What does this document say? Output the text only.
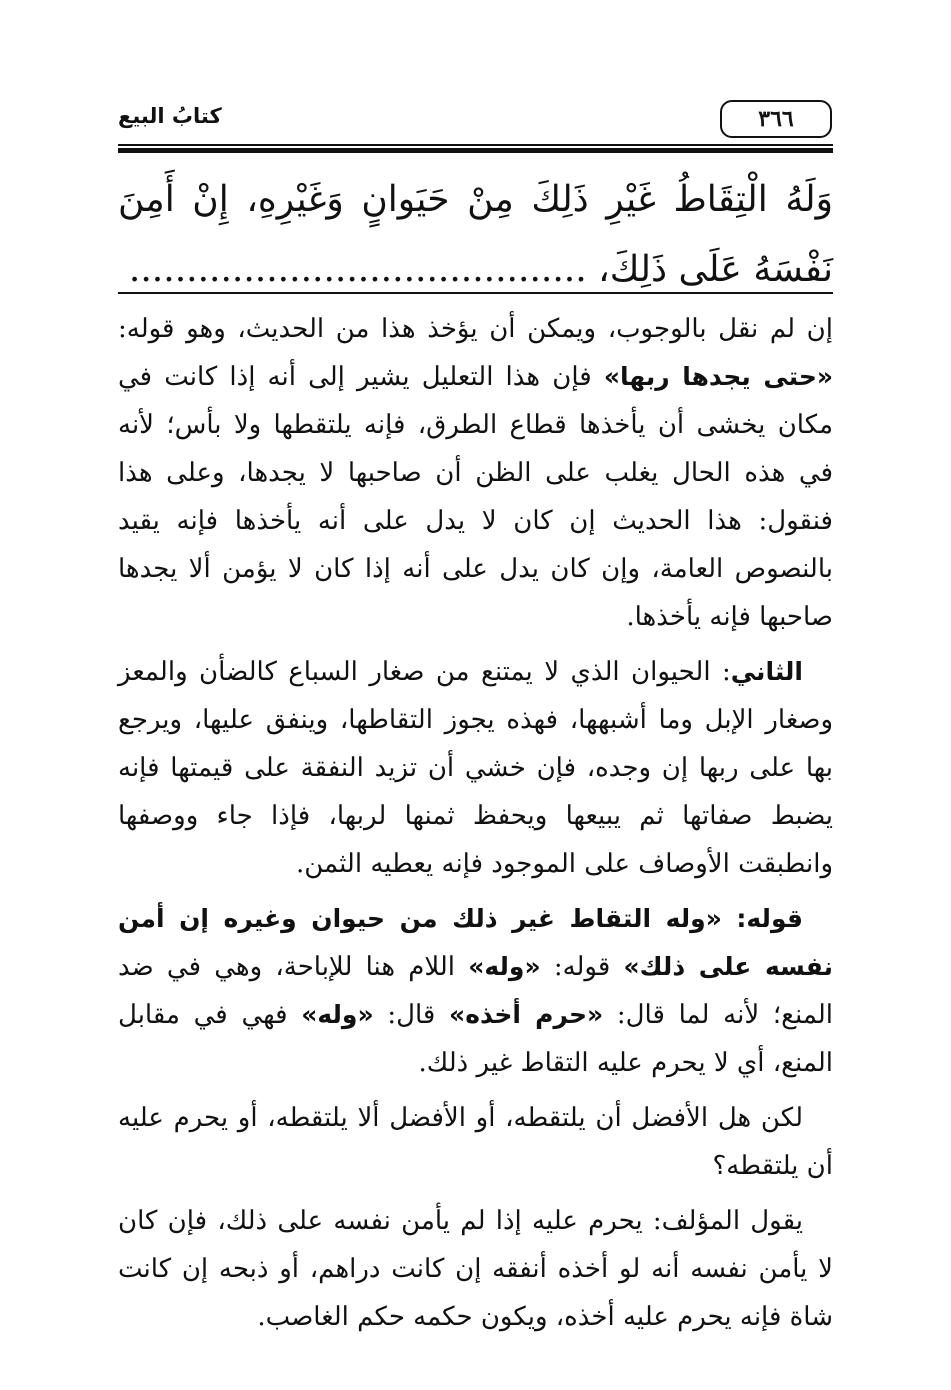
كتابُ البيع	٣٦٦
وَلَهُ الْتِقَاطُ غَيْرِ ذَلِكَ مِنْ حَيَوانٍ وَغَيْرِهِ، إِنْ أَمِنَ نَفْسَهُ عَلَى ذَلِكَ، ........................................

إن لم نقل بالوجوب، ويمكن أن يؤخذ هذا من الحديث، وهو قوله: «حتى يجدها ربها» فإن هذا التعليل يشير إلى أنه إذا كانت في مكان يخشى أن يأخذها قطاع الطرق، فإنه يلتقطها ولا بأس؛ لأنه في هذه الحال يغلب على الظن أن صاحبها لا يجدها، وعلى هذا فنقول: هذا الحديث إن كان لا يدل على أنه يأخذها فإنه يقيد بالنصوص العامة، وإن كان يدل على أنه إذا كان لا يؤمن ألا يجدها صاحبها فإنه يأخذها.

الثاني: الحيوان الذي لا يمتنع من صغار السباع كالضأن والمعز وصغار الإبل وما أشبهها، فهذه يجوز التقاطها، وينفق عليها، ويرجع بها على ربها إن وجده، فإن خشي أن تزيد النفقة على قيمتها فإنه يضبط صفاتها ثم يبيعها ويحفظ ثمنها لربها، فإذا جاء ووصفها وانطبقت الأوصاف على الموجود فإنه يعطيه الثمن.

قوله: «وله التقاط غير ذلك من حيوان وغيره إن أمن نفسه على ذلك» قوله: «وله» اللام هنا للإباحة، وهي في ضد المنع؛ لأنه لما قال: «حرم أخذه» قال: «وله» فهي في مقابل المنع، أي لا يحرم عليه التقاط غير ذلك.

لكن هل الأفضل أن يلتقطه، أو الأفضل ألا يلتقطه، أو يحرم عليه أن يلتقطه؟

يقول المؤلف: يحرم عليه إذا لم يأمن نفسه على ذلك، فإن كان لا يأمن نفسه أنه لو أخذه أنفقه إن كانت دراهم، أو ذبحه إن كانت شاة فإنه يحرم عليه أخذه، ويكون حكمه حكم الغاصب.
